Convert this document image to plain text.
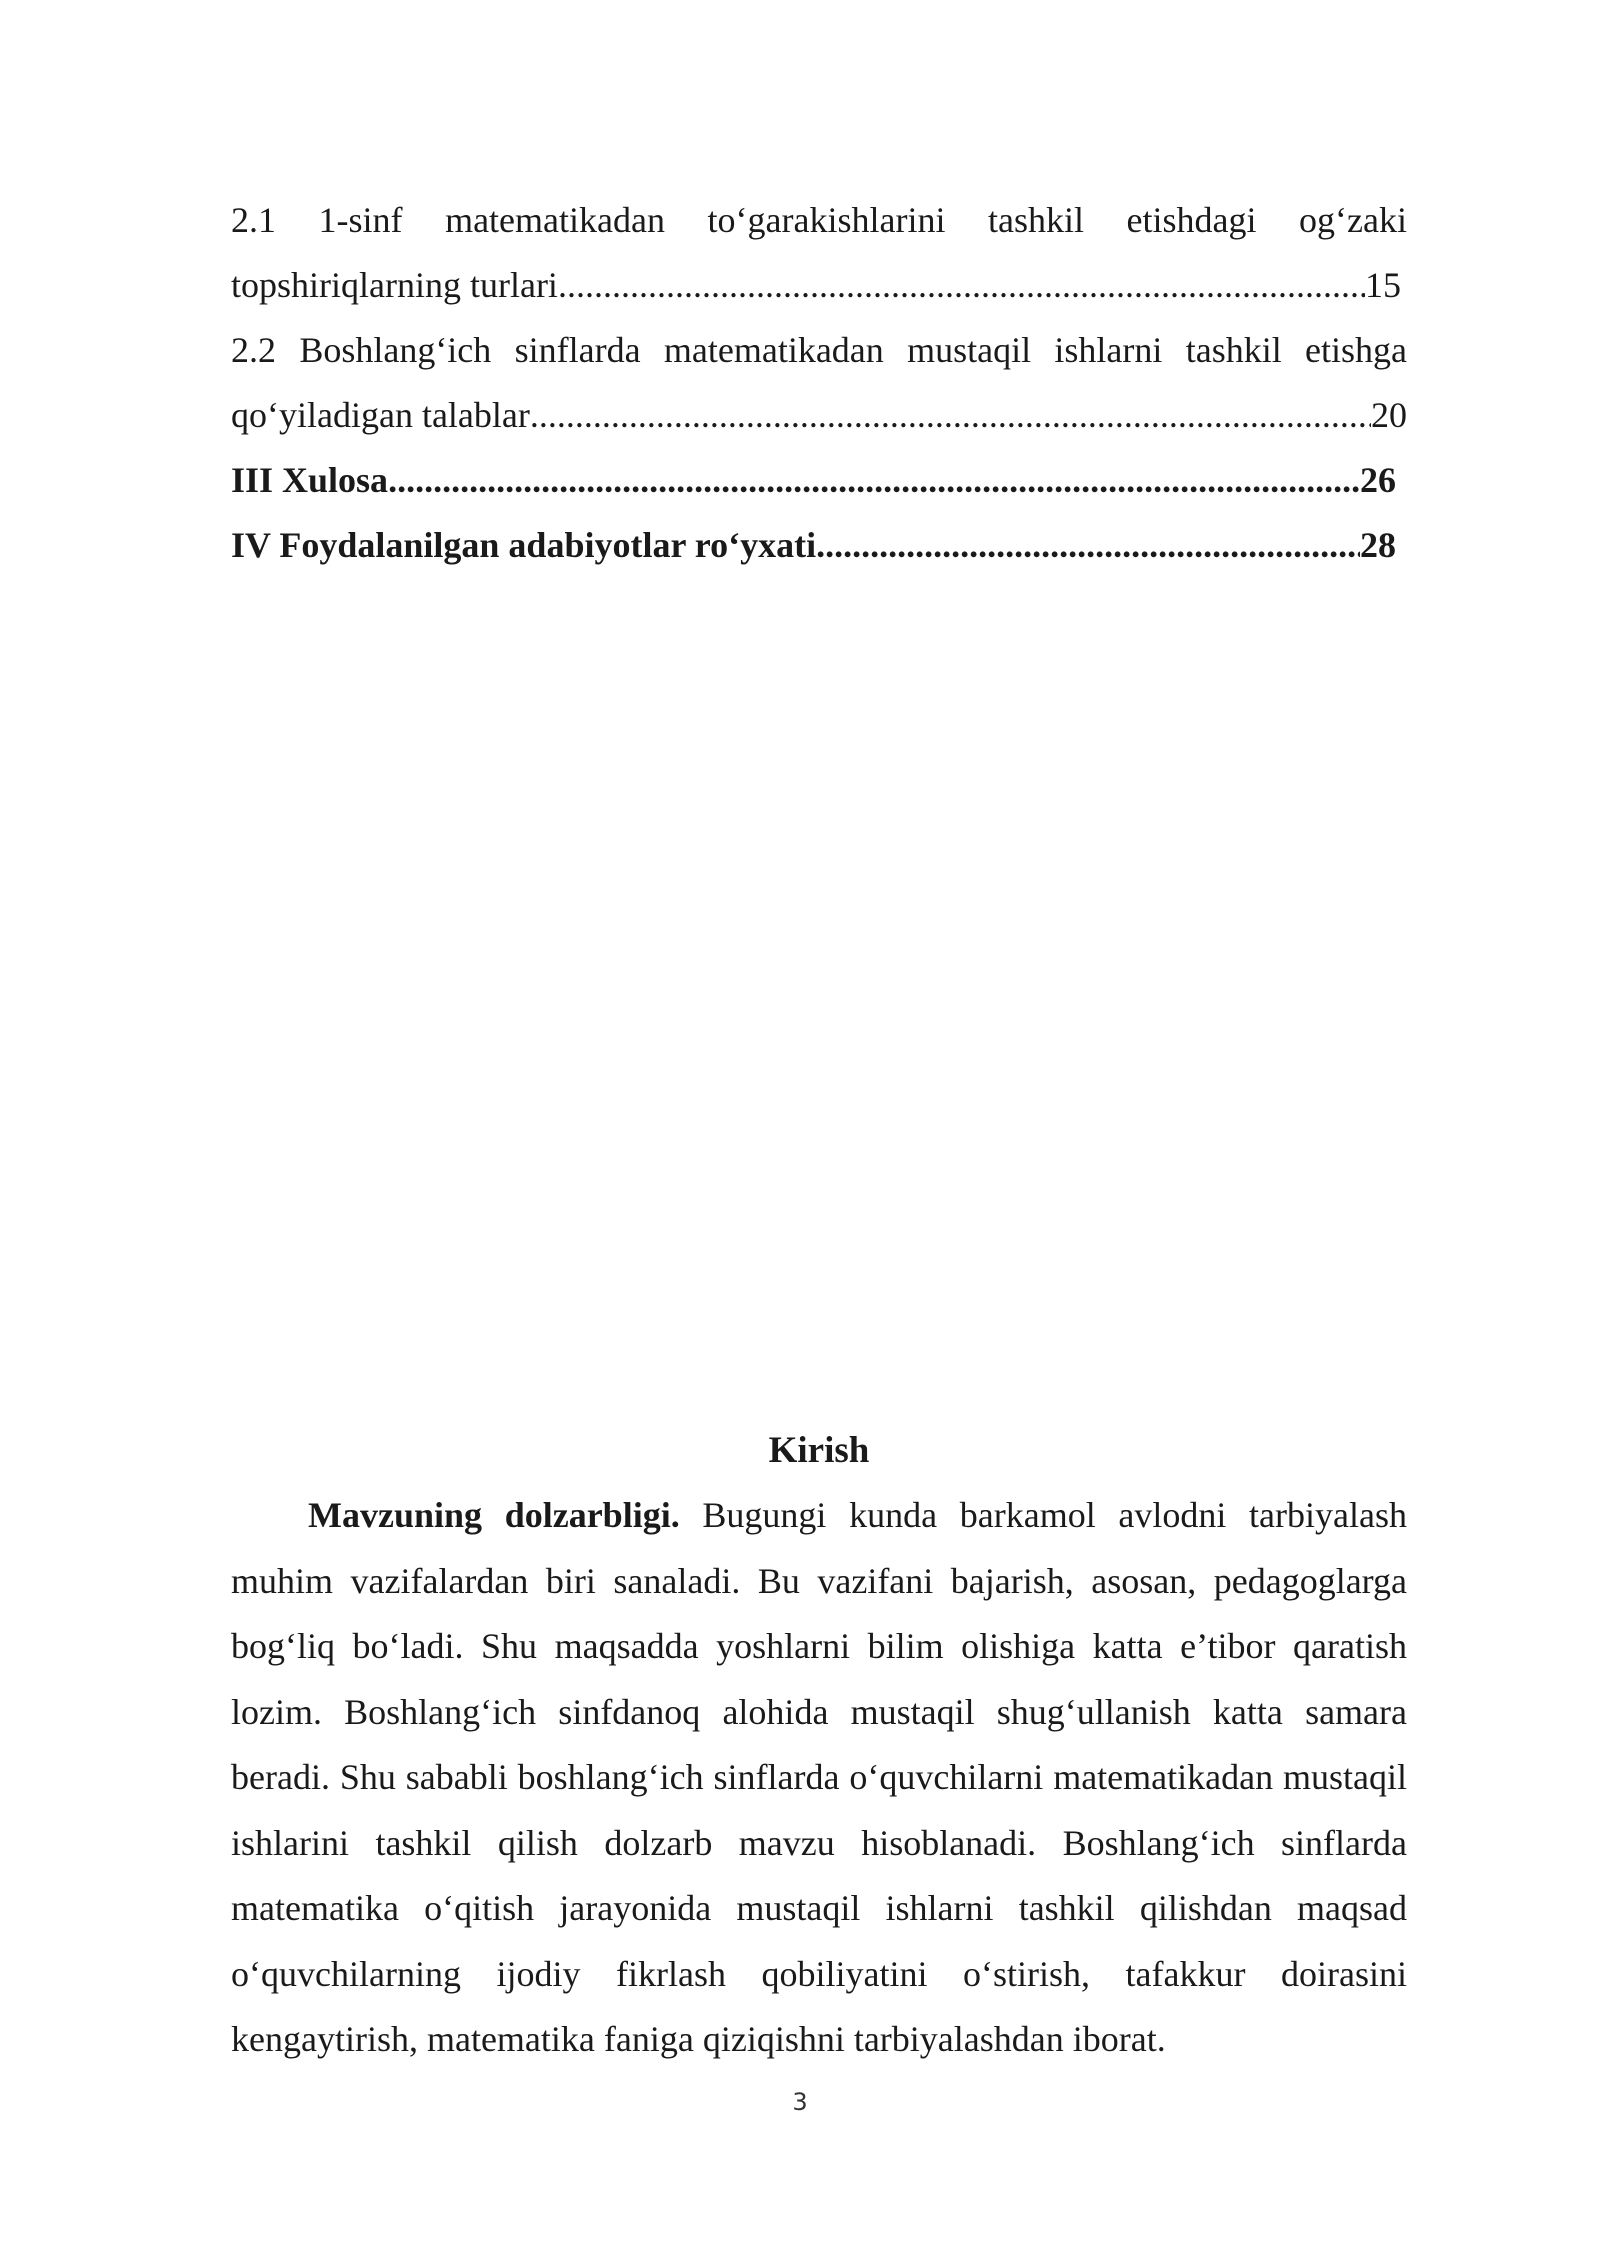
2.1 1-sinf matematikadan to‘garakishlarini tashkil etishdagi og‘zaki
topshiriqlarning turlari .....	15
2.2 Boshlang‘ich sinflarda matematikadan mustaqil ishlarni tashkil etishga
qo‘yiladigan talablar .....	20
III Xulosa .....	26
IV Foydalanilgan adabiyotlar ro‘yxati .....	28
Kirish

Mavzuning dolzarbligi. Bugungi kunda barkamol avlodni tarbiyalash muhim vazifalardan biri sanaladi. Bu vazifani bajarish, asosan, pedagoglarga bog‘liq bo‘ladi. Shu maqsadda yoshlarni bilim olishiga katta e’tibor qaratish lozim. Boshlang‘ich sinfdanoq alohida mustaqil shug‘ullanish katta samara beradi. Shu sababli boshlang‘ich sinflarda o‘quvchilarni matematikadan mustaqil ishlarini tashkil qilish dolzarb mavzu hisoblanadi. Boshlang‘ich sinflarda matematika o‘qitish jarayonida mustaqil ishlarni tashkil qilishdan maqsad o‘quvchilarning ijodiy fikrlash qobiliyatini o‘stirish, tafakkur doirasini kengaytirish, matematika faniga qiziqishni tarbiyalashdan iborat.

3
